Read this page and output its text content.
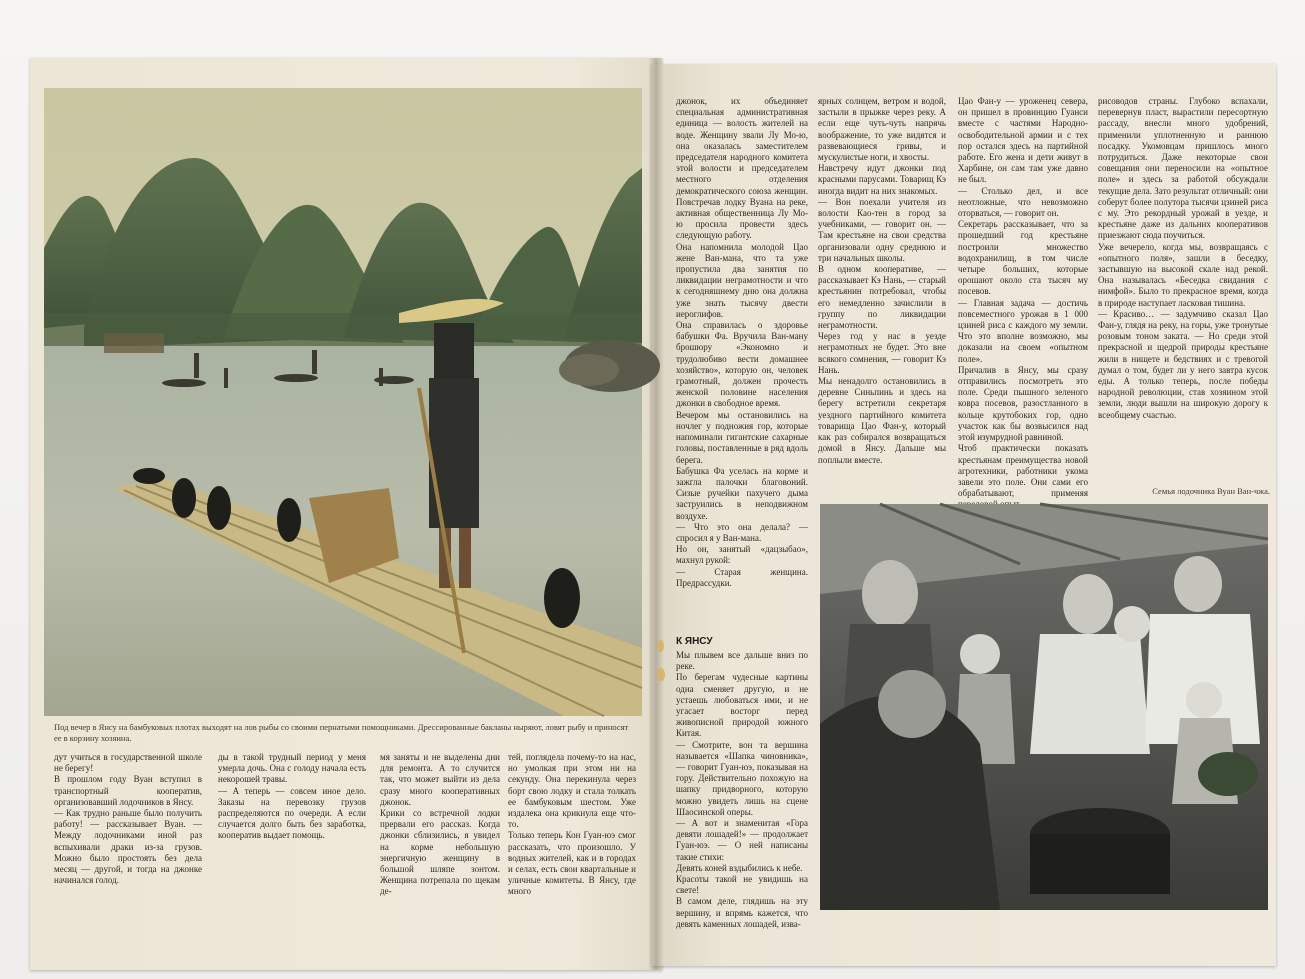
Под вечер в Янсу на бамбуковых плотах выходят на лов рыбы со своими пернатыми помощниками. Дрессированные бакланы ныряют, ловят рыбу и приносят ее в корзину хозяина.
дут учиться в государственной школе не берегу!
В прошлом году Вуан вступил в транспортный кооператив, организовавший лодочников в Янсу.
— Как трудно раньше было получить работу! — рассказывает Вуан. — Между лодочниками иной раз вспыхивали драки из-за грузов. Можно было простоять без дела месяц — другой, и тогда на джонке начинался голод.
ды в такой трудный период у меня умерла дочь. Она с голоду начала есть некорошей травы.
— А теперь — совсем иное дело. Заказы на перевозку грузов распределяются по очереди. А если случается долго быть без заработка, кооператив выдает помощь.
мя заняты и не выделены дни для ремонта. А то случится так, что может выйти из дела сразу много кооперативных джонок.
Крики со встречной лодки прервали его рассказ. Когда джонки сблизились, я увидел на корме небольшую энергичную женщину в большой шляпе зонтом. Женщина потрепала по щекам де-
тей, поглядела почему-то на нас, но умолкая при этом ни на секунду. Она перекинула через борт свою лодку и стала толкать ее бамбуковым шестом. Уже издалека она крикнула еще что-то.
Только теперь Кон Гуан-юэ смог рассказать, что произошло. У водных жителей, как и в городах и селах, есть свои квартальные и уличные комитеты. В Янсу, где много
джонок, их объединяет специальная административная единица — волость жителей на воде. Женщину звали Лу Мо-ю, она оказалась заместителем председателя народного комитета этой волости и председателем местного отделения демократического союза женщин. Повстречав лодку Вуана на реке, активная общественница Лу Мо-ю просила провести здесь следующую работу.
Она напомнила молодой Цао жене Ван-мана, что та уже пропустила два занятия по ликвидации неграмотности и что к сегодняшнему дню она должна уже знать тысячу двести иероглифов.
Она справилась о здоровье бабушки Фа. Вручила Ван-ману брошюру «Экономно и трудолюбиво вести домашнее хозяйство», которую он, человек грамотный, должен прочесть женской половине населения джонки в свободное время.
Вечером мы остановились на ночлег у подножия гор, которые напоминали гигантские сахарные головы, поставленные в ряд вдоль берега.
Бабушка Фа уселась на корме и зажгла палочки благовоний. Сизые ручейки пахучего дыма заструились в неподвижном воздухе.
— Что это она делала? — спросил я у Ван-мана.
Но он, занятый «дацзыбао», махнул рукой:
— Старая женщина. Предрассудки.
К ЯНСУ
Мы плывем все дальше вниз по реке.
По берегам чудесные картины одна сменяет другую, и не устаешь любоваться ими, и не угасает восторг перед живописной природой южного Китая.
— Смотрите, вон та вершина называется «Шапка чиновника», — говорит Гуан-юэ, показывая на гору. Действительно похожую на шапку придворного, которую можно увидеть лишь на сцене Шаосинской оперы.
— А вот и знаменитая «Гора девяти лошадей!» — продолжает Гуан-юэ. — О ней написаны такие стихи:
Девять коней вздыбились к небе.
Красоты такой не увидишь на свете!
В самом деле, глядишь на эту вершину, и впрямь кажется, что девять каменных лошадей, изва-
ярных солнцем, ветром и водой, застыли в прыжке через реку. А если еще чуть-чуть напрячь воображение, то уже видятся и развевающиеся гривы, и мускулистые ноги, и хвосты.
Навстречу идут джонки под красными парусами. Товарищ Кэ иногда видит на них знакомых.
— Вон поехали учителя из волости Као-тен в город за учебниками, — говорит он. — Там крестьяне на свои средства организовали одну среднюю и три начальных школы.
В одном кооперативе, — рассказывает Кэ Нань, — старый крестьянин потребовал, чтобы его немедленно зачислили в группу по ликвидации неграмотности.
Через год у нас в уезде неграмотных не будет. Это вне всякого сомнения, — говорит Кэ Нань.
Мы ненадолго остановились в деревне Синьпинь и здесь на берегу встретили секретаря уездного партийного комитета товарища Цао Фан-у, который как раз собирался возвращаться домой в Янсу. Дальше мы поплыли вместе.
Цао Фан-у — уроженец севера, он пришел в провинцию Гуанси вместе с частями Народно-освободительной армии и с тех пор остался здесь на партийной работе. Его жена и дети живут в Харбине, он сам там уже давно не был.
— Столько дел, и все неотложные, что невозможно оторваться, — говорит он.
Секретарь рассказывает, что за прошедший год крестьяне построили множество водохранилищ, в том числе четыре больших, которые орошают около ста тысяч му посевов.
— Главная задача — достичь повсеместного урожая в 1 000 цзиней риса с каждого му земли. Что это вполне возможно, мы доказали на своем «опытном поле».
Причалив в Янсу, мы сразу отправились посмотреть это поле. Среди пышного зеленого ковра посевов, разостланного в кольце крутобоких гор, одно участок как бы возвысился над этой изумрудной равниной.
Чтоб практически показать крестьянам преимущества новой агротехники, работники укома завели это поле. Они сами его обрабатывают, применяя
рисоводов страны. Глубоко вспахали, перевернув пласт, вырастили пересортную рассаду, внесли много удобрений, применили уплотненную и раннюю посадку. Укомовцам пришлось много потрудиться. Даже некоторые свои совещания они переносили на «опытное поле» и здесь за работой обсуждали текущие дела. Зато результат отличный: они соберут более полутора тысячи цзиней риса с му. Это рекордный урожай в уезде, и крестьяне даже из дальних кооперативов приезжают сюда поучиться.
Уже вечерело, когда мы, возвращаясь с «опытного поля», зашли в беседку, застывшую на высокой скале над рекой. Она называлась «Беседка свидания с нимфой». Было то прекрасное время, когда в природе наступает ласковая тишина.
— Красиво… — задумчиво сказал Цао Фан-у, глядя на реку, на горы, уже тронутые розовым тоном заката. — Но среди этой прекрасной и щедрой природы крестьяне жили в нищете и бедствиях и с тревогой думал о том, будет ли у него завтра кусок еды. А только теперь, после победы народной революции, став хозяином этой земли, люди вышли на широкую дорогу к всеобщему счастью.
Семья лодочника Вуан Ван-чжа.
